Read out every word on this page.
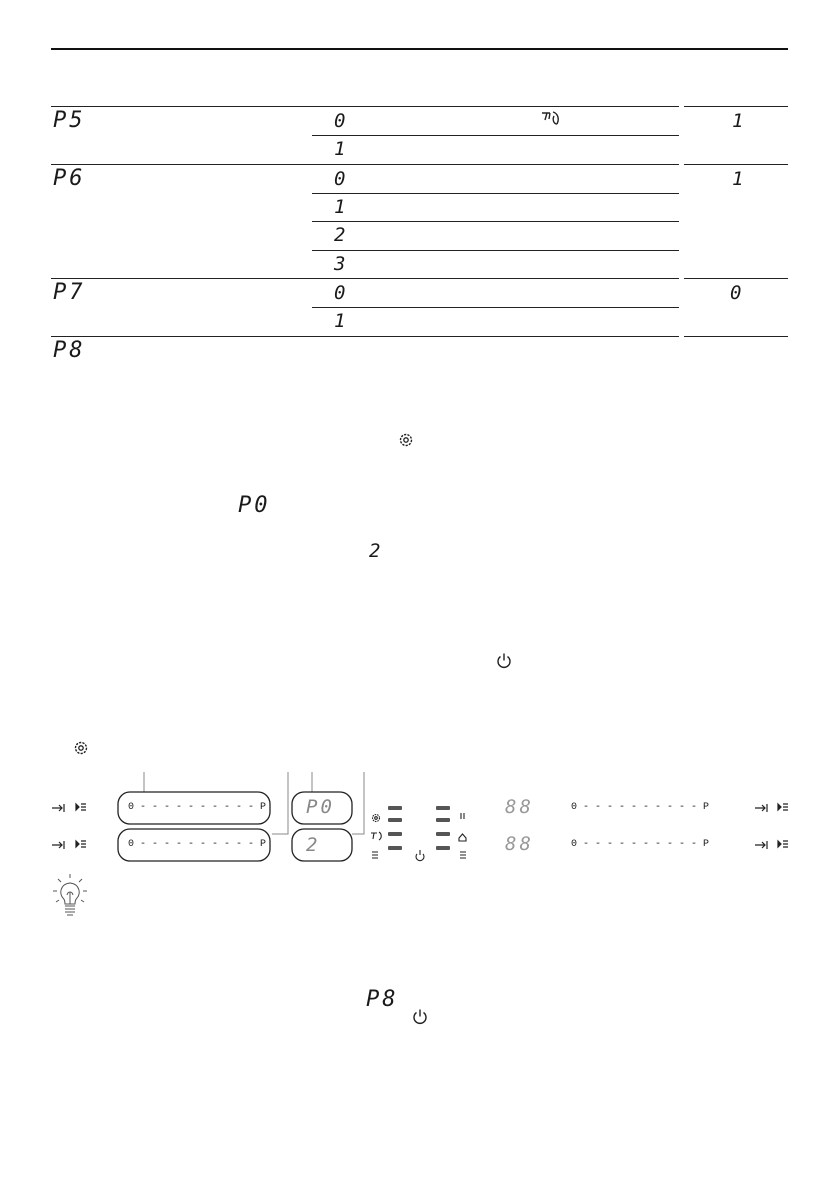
P5	0	1
1
P6	0	1
1
2
3
P7	0	0
1
P8
P0
2
0 - - - - - - - - - - P
0 - - - - - - - - - - P
P0
2
88
88
0 - - - - - - - - - - P
0 - - - - - - - - - - P
P8
